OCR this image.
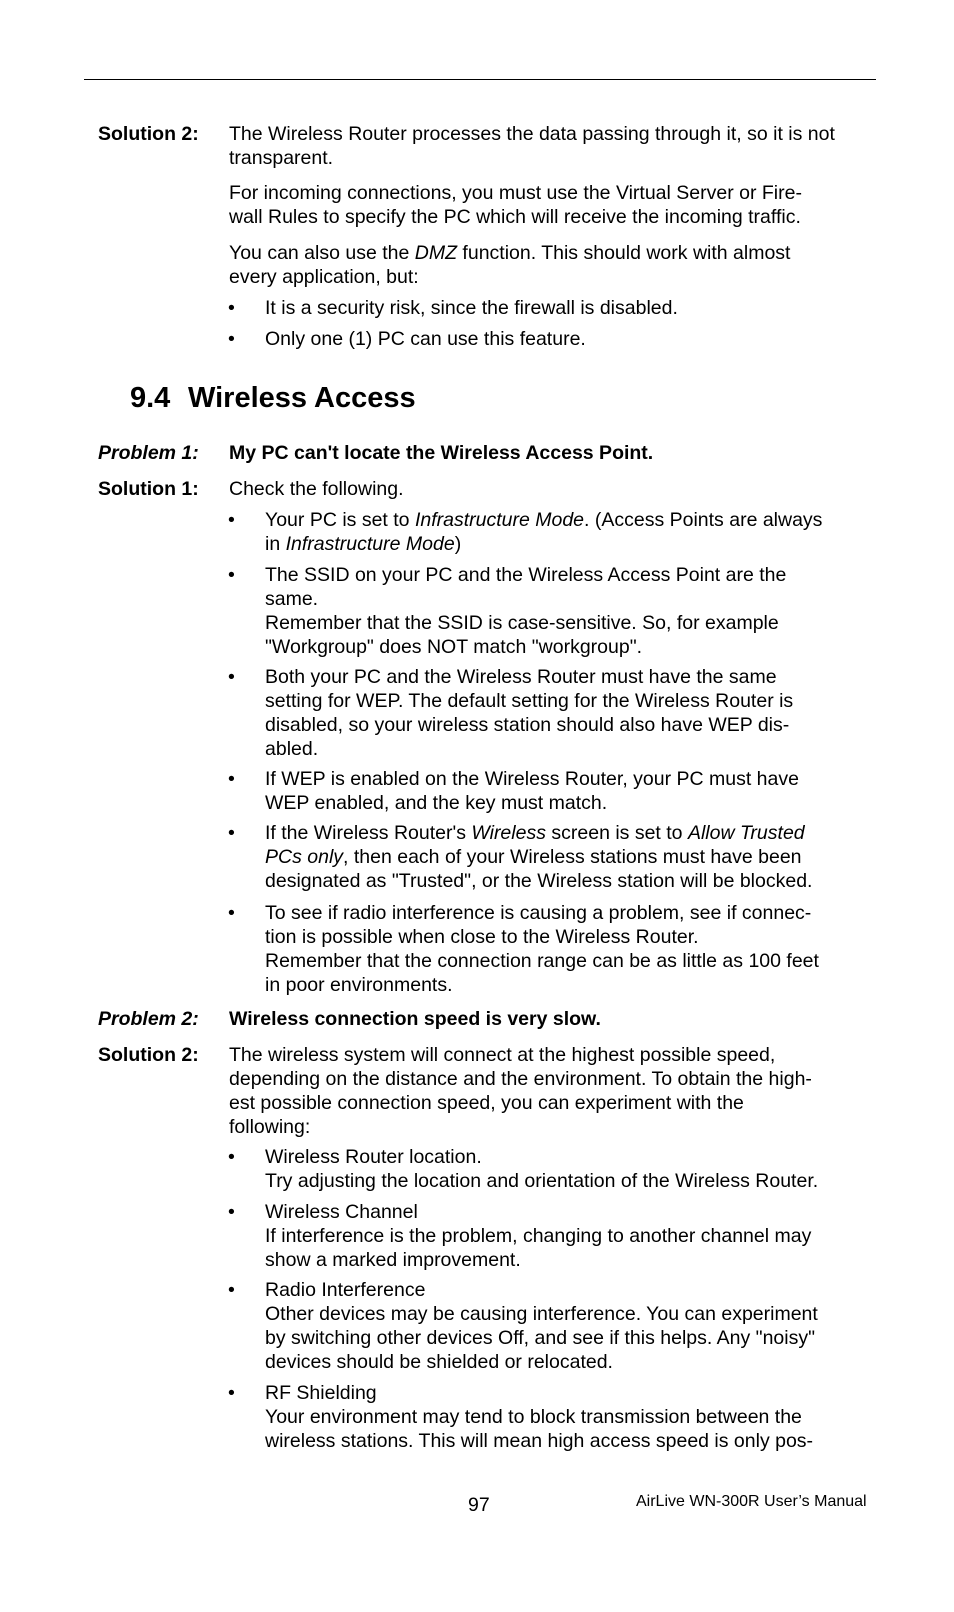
Solution 2: The Wireless Router processes the data passing through it, so it is not transparent.

For incoming connections, you must use the Virtual Server or Fire-

wall Rules to specify the PC which will receive the incoming traffic.

You can also use the DMZ function. This should work with almost

every application, but:

•	It is a security risk, since the firewall is disabled.
•	Only one (1) PC can use this feature.
9.4 Wireless Access
Problem 1: My PC can't locate the Wireless Access Point.

Solution 1: Check the following.

•	Your PC is set to Infrastructure Mode. (Access Points are always

in Infrastructure Mode)

•	The SSID on your PC and the Wireless Access Point are the

same.

Remember that the SSID is case-sensitive. So, for example

"Workgroup" does NOT match "workgroup".

•	Both your PC and the Wireless Router must have the same

setting for WEP. The default setting for the Wireless Router is

disabled, so your wireless station should also have WEP dis-

abled.

•	If WEP is enabled on the Wireless Router, your PC must have

WEP enabled, and the key must match.

•	If the Wireless Router's Wireless screen is set to Allow Trusted

PCs only, then each of your Wireless stations must have been

designated as "Trusted", or the Wireless station will be blocked.

•	To see if radio interference is causing a problem, see if connec-

tion is possible when close to the Wireless Router.

Remember that the connection range can be as little as 100 feet

in poor environments.

Problem 2: Wireless connection speed is very slow.

Solution 2: The wireless system will connect at the highest possible speed,

depending on the distance and the environment. To obtain the high-

est possible connection speed, you can experiment with the

following:

•	Wireless Router location.

Try adjusting the location and orientation of the Wireless Router.

•	Wireless Channel

If interference is the problem, changing to another channel may

show a marked improvement.

•	Radio Interference

Other devices may be causing interference. You can experiment

by switching other devices Off, and see if this helps. Any "noisy"

devices should be shielded or relocated.

•	RF Shielding

Your environment may tend to block transmission between the

wireless stations. This will mean high access speed is only pos-

97	AirLive WN-300R User’s Manual
